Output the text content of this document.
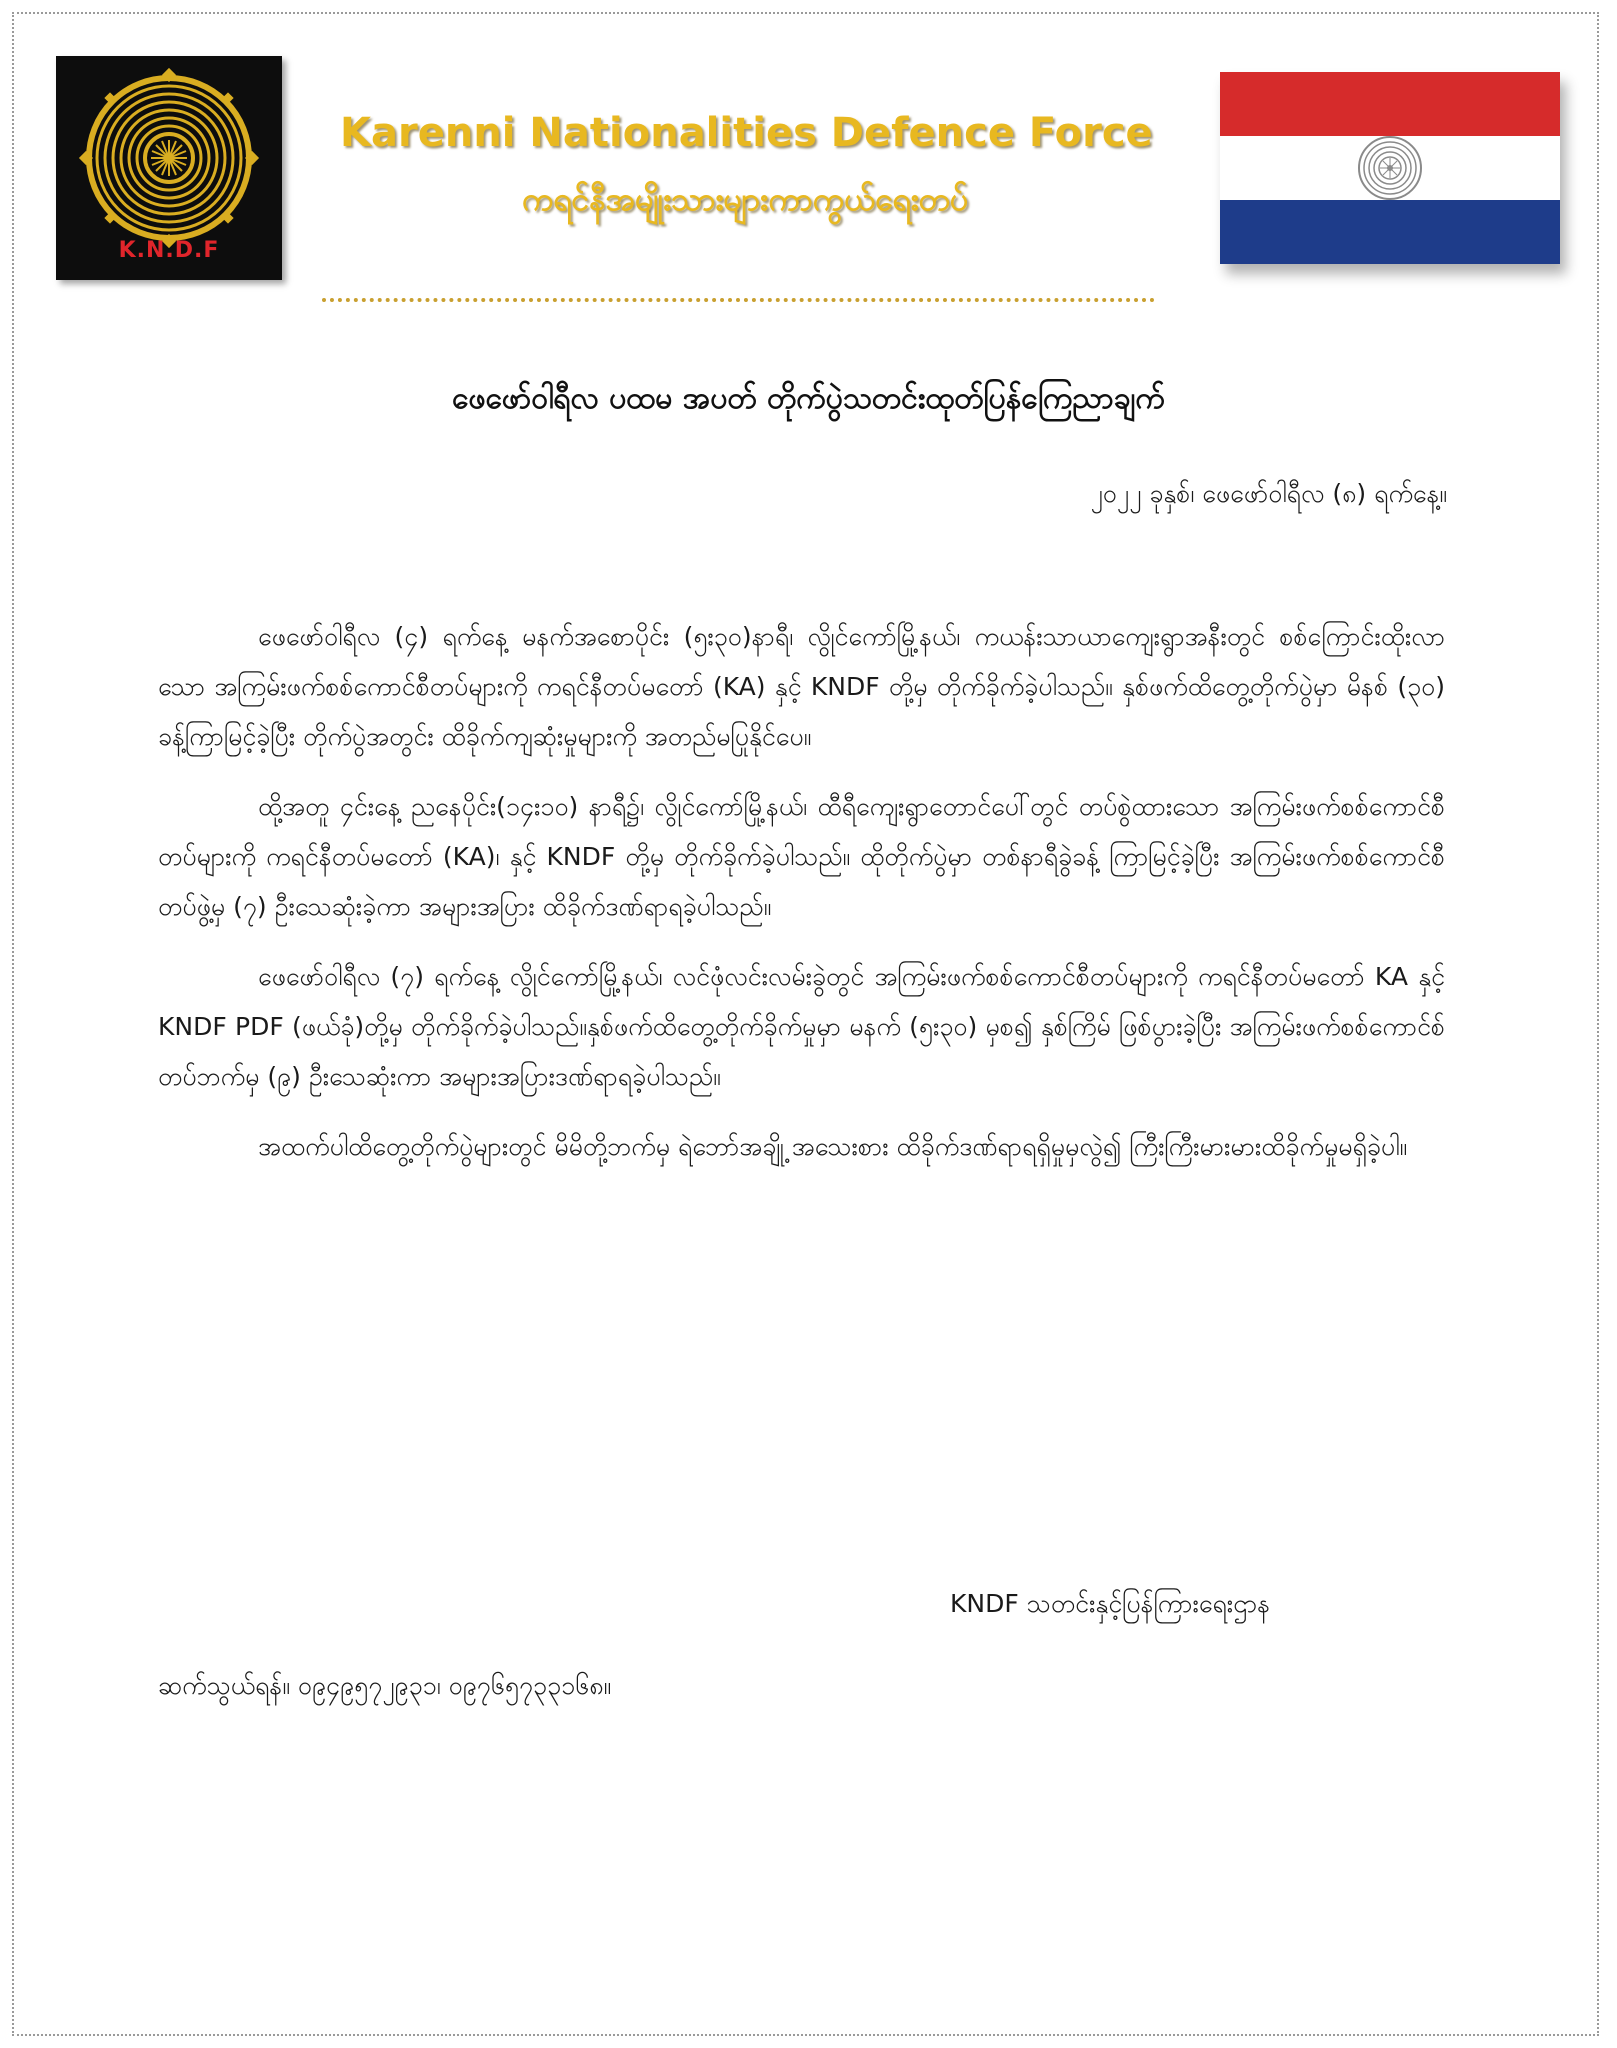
K.N.D.F
Karenni Nationalities Defence Force
ကရင်နီအမျိုးသားများကာကွယ်ရေးတပ်
ဖေဖော်ဝါရီလ ပထမ အပတ် တိုက်ပွဲသတင်းထုတ်ပြန်ကြေညာချက်
၂၀၂၂ ခုနှစ်၊ ဖေဖော်ဝါရီလ (၈) ရက်နေ့။

ဖေဖော်ဝါရီလ (၄) ရက်နေ့ မနက်အစောပိုင်း (၅း၃၀)နာရီ၊ လွိုင်ကော်မြို့နယ်၊ ကယန်းသာယာကျေးရွာအနီးတွင် စစ်ကြောင်းထိုးလာသော အကြမ်းဖက်စစ်ကောင်စီတပ်များကို ကရင်နီတပ်မတော် (KA) နှင့် KNDF တို့မှ တိုက်ခိုက်ခဲ့ပါသည်။ နှစ်ဖက်ထိတွေ့တိုက်ပွဲမှာ မိနစ် (၃၀) ခန့်ကြာမြင့်ခဲ့ပြီး တိုက်ပွဲအတွင်း ထိခိုက်ကျဆုံးမှုများကို အတည်မပြုနိုင်ပေ။

ထို့အတူ ၄င်းနေ့ ညနေပိုင်း(၁၄း၁၀) နာရီ၌၊ လွိုင်ကော်မြို့နယ်၊ ထီရီကျေးရွာတောင်ပေါ်တွင် တပ်စွဲထားသော အကြမ်းဖက်စစ်ကောင်စီတပ်များကို ကရင်နီတပ်မတော် (KA)၊ နှင့် KNDF တို့မှ တိုက်ခိုက်ခဲ့ပါသည်။ ထိုတိုက်ပွဲမှာ တစ်နာရီခွဲခန့် ကြာမြင့်ခဲ့ပြီး အကြမ်းဖက်စစ်ကောင်စီတပ်ဖွဲ့မှ (၇) ဦးသေဆုံးခဲ့ကာ အများအပြား ထိခိုက်ဒဏ်ရာရခဲ့ပါသည်။

ဖေဖော်ဝါရီလ (၇) ရက်နေ့ လွိုင်ကော်မြို့နယ်၊ လင်ဖုံလင်းလမ်းခွဲတွင် အကြမ်းဖက်စစ်ကောင်စီတပ်များကို ကရင်နီတပ်မတော် KA နှင့် KNDF PDF (ဖယ်ခုံ)တို့မှ တိုက်ခိုက်ခဲ့ပါသည်။နှစ်ဖက်ထိတွေ့တိုက်ခိုက်မှုမှာ မနက် (၅း၃၀) မှစ၍ နှစ်ကြိမ် ဖြစ်ပွားခဲ့ပြီး အကြမ်းဖက်စစ်ကောင်စ်တပ်ဘက်မှ (၉) ဦးသေဆုံးကာ အများအပြားဒဏ်ရာရခဲ့ပါသည်။

အထက်ပါထိတွေ့တိုက်ပွဲများတွင် မိမိတို့ဘက်မှ ရဲဘော်အချို့ အသေးစား ထိခိုက်ဒဏ်ရာရရှိမှုမှလွဲ၍ ကြီးကြီးမားမားထိခိုက်မှုမရှိခဲ့ပါ။

KNDF သတင်းနှင့်ပြန်ကြားရေးဌာန
ဆက်သွယ်ရန်။ ၀၉၄၉၅၇၂၉၃၁၊ ၀၉၇၆၅၇၃၃၁၆၈။
